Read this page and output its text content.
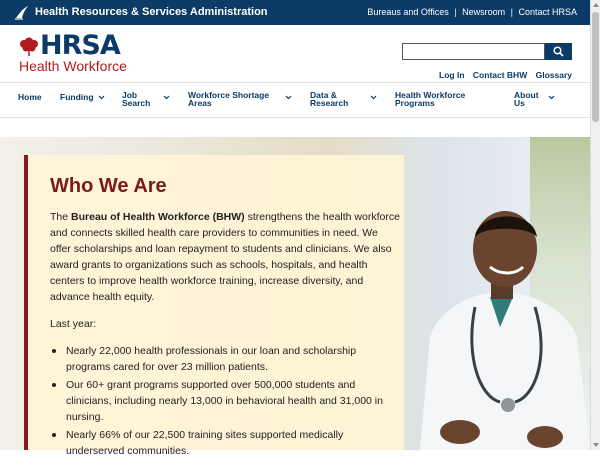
Health Resources & Services Administration	Bureaus and Offices | Newsroom | Contact HRSA
HRSA
Health Workforce
Log In Contact BHW Glossary
Home Funding	Job
Search
Workforce Shortage
Areas
Data &
Research
Health Workforce
Programs
About
Us
Who We Are

The Bureau of Health Workforce (BHW) strengthens the health workforce and connects skilled health care providers to communities in need. We offer scholarships and loan repayment to students and clinicians. We also award grants to organizations such as schools, hospitals, and health centers to improve health workforce training, increase diversity, and advance health equity.

Last year:

Nearly 22,000 health professionals in our loan and scholarship programs cared for over 23 million patients.
Our 60+ grant programs supported over 500,000 students and clinicians, including nearly 13,000 in behavioral health and 31,000 in nursing.
Nearly 66% of our 22,500 training sites supported medically underserved communities.
